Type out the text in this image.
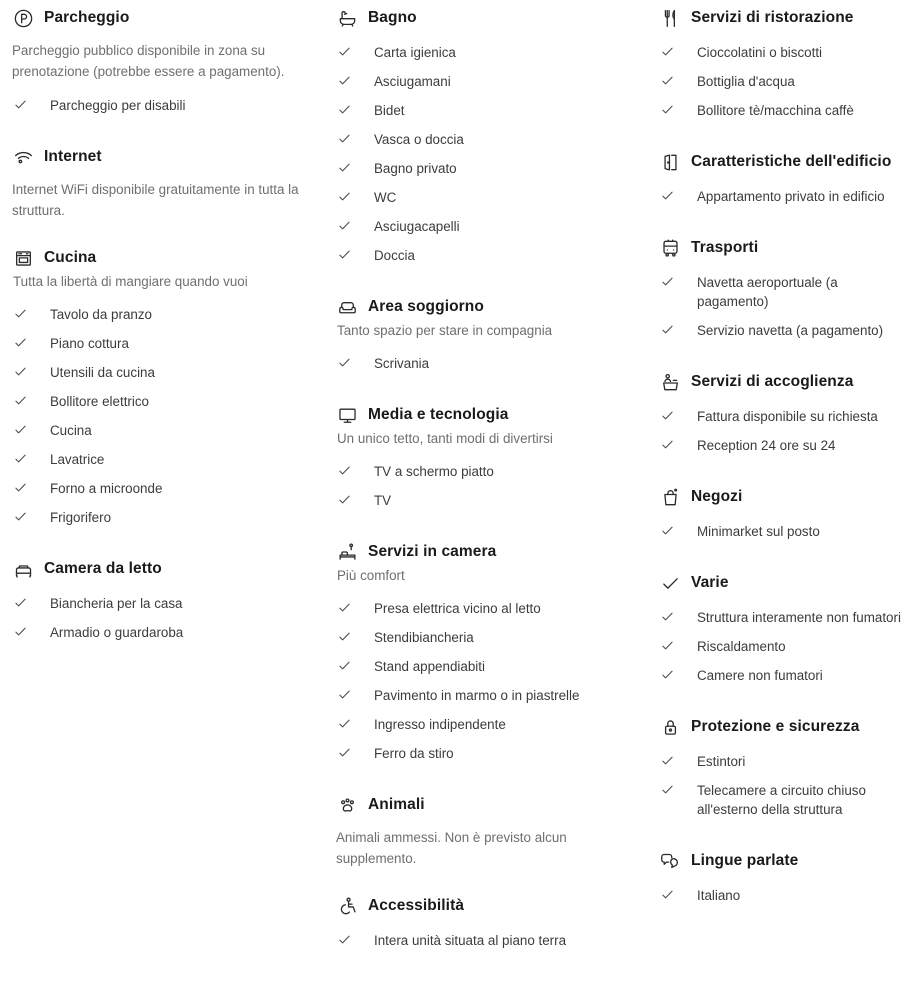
Parcheggio

Parcheggio pubblico disponibile in zona su prenotazione (potrebbe essere a pagamento).

Parcheggio per disabili
Internet

Internet WiFi disponibile gratuitamente in tutta la struttura.

Cucina
Tutta la libertà di mangiare quando vuoi
Tavolo da pranzo
Piano cottura
Utensili da cucina
Bollitore elettrico
Cucina
Lavatrice
Forno a microonde
Frigorifero
Camera da letto
Biancheria per la casa
Armadio o guardaroba
Bagno
Carta igienica
Asciugamani
Bidet
Vasca o doccia
Bagno privato
WC
Asciugacapelli
Doccia
Area soggiorno
Tanto spazio per stare in compagnia
Scrivania
Media e tecnologia
Un unico tetto, tanti modi di divertirsi
TV a schermo piatto
TV
Servizi in camera
Più comfort
Presa elettrica vicino al letto
Stendibiancheria
Stand appendiabiti
Pavimento in marmo o in piastrelle
Ingresso indipendente
Ferro da stiro
Animali

Animali ammessi. Non è previsto alcun supplemento.

Accessibilità
Intera unità situata al piano terra
Servizi di ristorazione
Cioccolatini o biscotti
Bottiglia d'acqua
Bollitore tè/macchina caffè
Caratteristiche dell'edificio
Appartamento privato in edificio
Trasporti
Navetta aeroportuale (a pagamento)
Servizio navetta (a pagamento)
Servizi di accoglienza
Fattura disponibile su richiesta
Reception 24 ore su 24
Negozi
Minimarket sul posto
Varie
Struttura interamente non fumatori
Riscaldamento
Camere non fumatori
Protezione e sicurezza
Estintori
Telecamere a circuito chiuso all'esterno della struttura
Lingue parlate
Italiano
